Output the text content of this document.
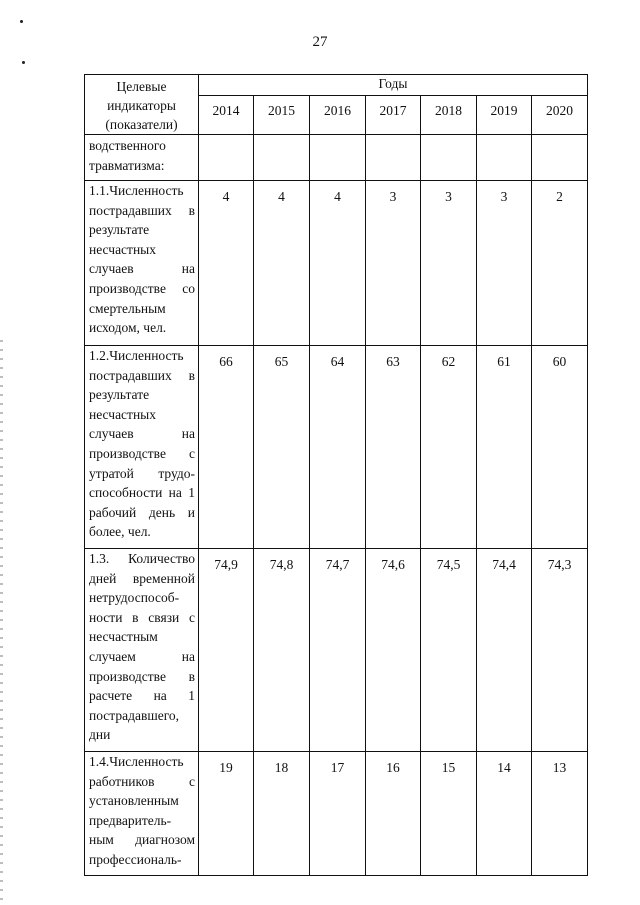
27
Целевые индикаторы (показатели)	Годы						
	2014	2015	2016	2017	2018	2019	2020
водственного травматизма:							
1.1.Численность пострадавших в результате несчастных случаев на производстве со смертельным исходом, чел.	4	4	4	3	3	3	2
1.2.Численность пострадавших в результате несчастных случаев на производстве с утратой трудо-способности на 1 рабочий день и более, чел.	66	65	64	63	62	61	60
1.3. Количество дней временной нетрудоспособ-ности в связи с несчастным случаем на производстве в расчете на 1 пострадавшего, дни	74,9	74,8	74,7	74,6	74,5	74,4	74,3
1.4.Численность работников с установленным предваритель-ным диагнозом профессиональ-	19	18	17	16	15	14	13
